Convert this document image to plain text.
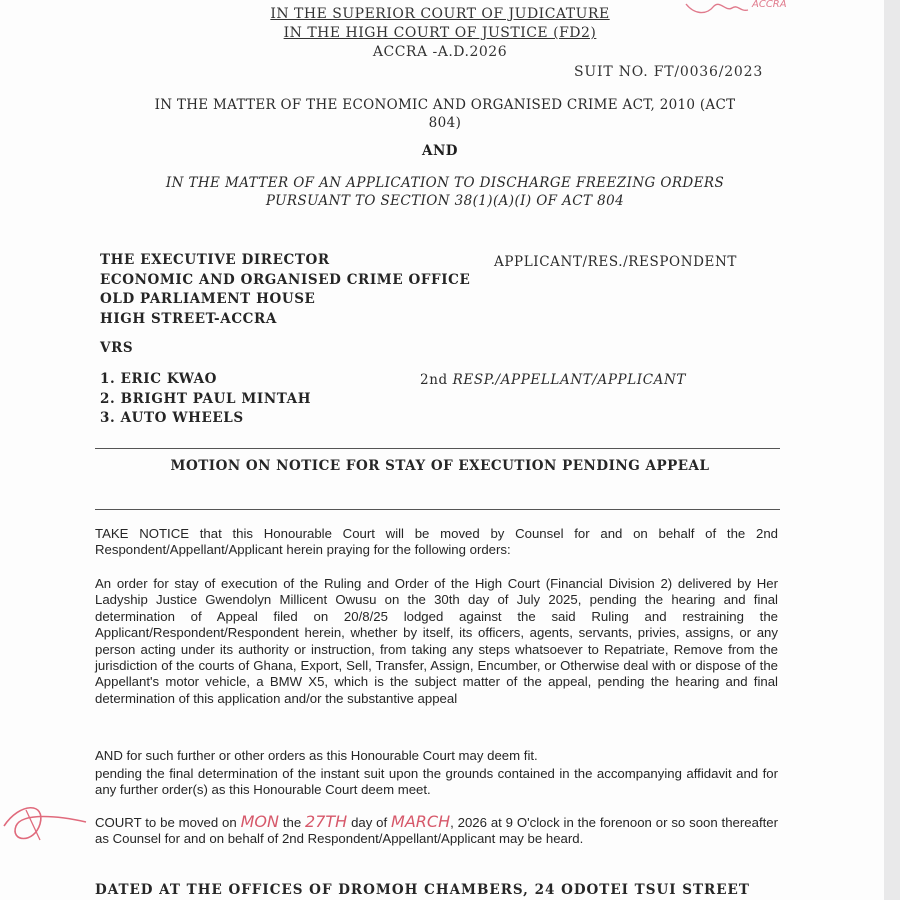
ACCRA
IN THE SUPERIOR COURT OF JUDICATURE
IN THE HIGH COURT OF JUSTICE (FD2)
ACCRA -A.D.2026
SUIT NO. FT/0036/2023
IN THE MATTER OF THE ECONOMIC AND ORGANISED CRIME ACT, 2010 (ACT
804)
AND
IN THE MATTER OF AN APPLICATION TO DISCHARGE FREEZING ORDERS
PURSUANT TO SECTION 38(1)(A)(I) OF ACT 804
THE EXECUTIVE DIRECTOR
ECONOMIC AND ORGANISED CRIME OFFICE
OLD PARLIAMENT HOUSE
HIGH STREET-ACCRA
APPLICANT/RES./RESPONDENT
VRS
1. ERIC KWAO
2. BRIGHT PAUL MINTAH
3. AUTO WHEELS
2nd RESP./APPELLANT/APPLICANT
MOTION ON NOTICE FOR STAY OF EXECUTION PENDING APPEAL
TAKE NOTICE that this Honourable Court will be moved by Counsel for and on behalf of the 2nd Respondent/Appellant/Applicant herein praying for the following orders:
An order for stay of execution of the Ruling and Order of the High Court (Financial Division 2) delivered by Her Ladyship Justice Gwendolyn Millicent Owusu on the 30th day of July 2025, pending the hearing and final determination of Appeal filed on 20/8/25 lodged against the said Ruling and restraining the Applicant/Respondent/Respondent herein, whether by itself, its officers, agents, servants, privies, assigns, or any person acting under its authority or instruction, from taking any steps whatsoever to Repatriate, Remove from the jurisdiction of the courts of Ghana, Export, Sell, Transfer, Assign, Encumber, or Otherwise deal with or dispose of the Appellant's motor vehicle, a BMW X5, which is the subject matter of the appeal, pending the hearing and final determination of this application and/or the substantive appeal
AND for such further or other orders as this Honourable Court may deem fit.
pending the final determination of the instant suit upon the grounds contained in the accompanying affidavit and for any further order(s) as this Honourable Court deem meet.
COURT to be moved on MON the 27TH day of MARCH, 2026 at 9 O'clock in the forenoon or so soon thereafter as Counsel for and on behalf of 2nd Respondent/Appellant/Applicant may be heard.
DATED AT THE OFFICES OF DROMOH CHAMBERS, 24 ODOTEI TSUI STREET
